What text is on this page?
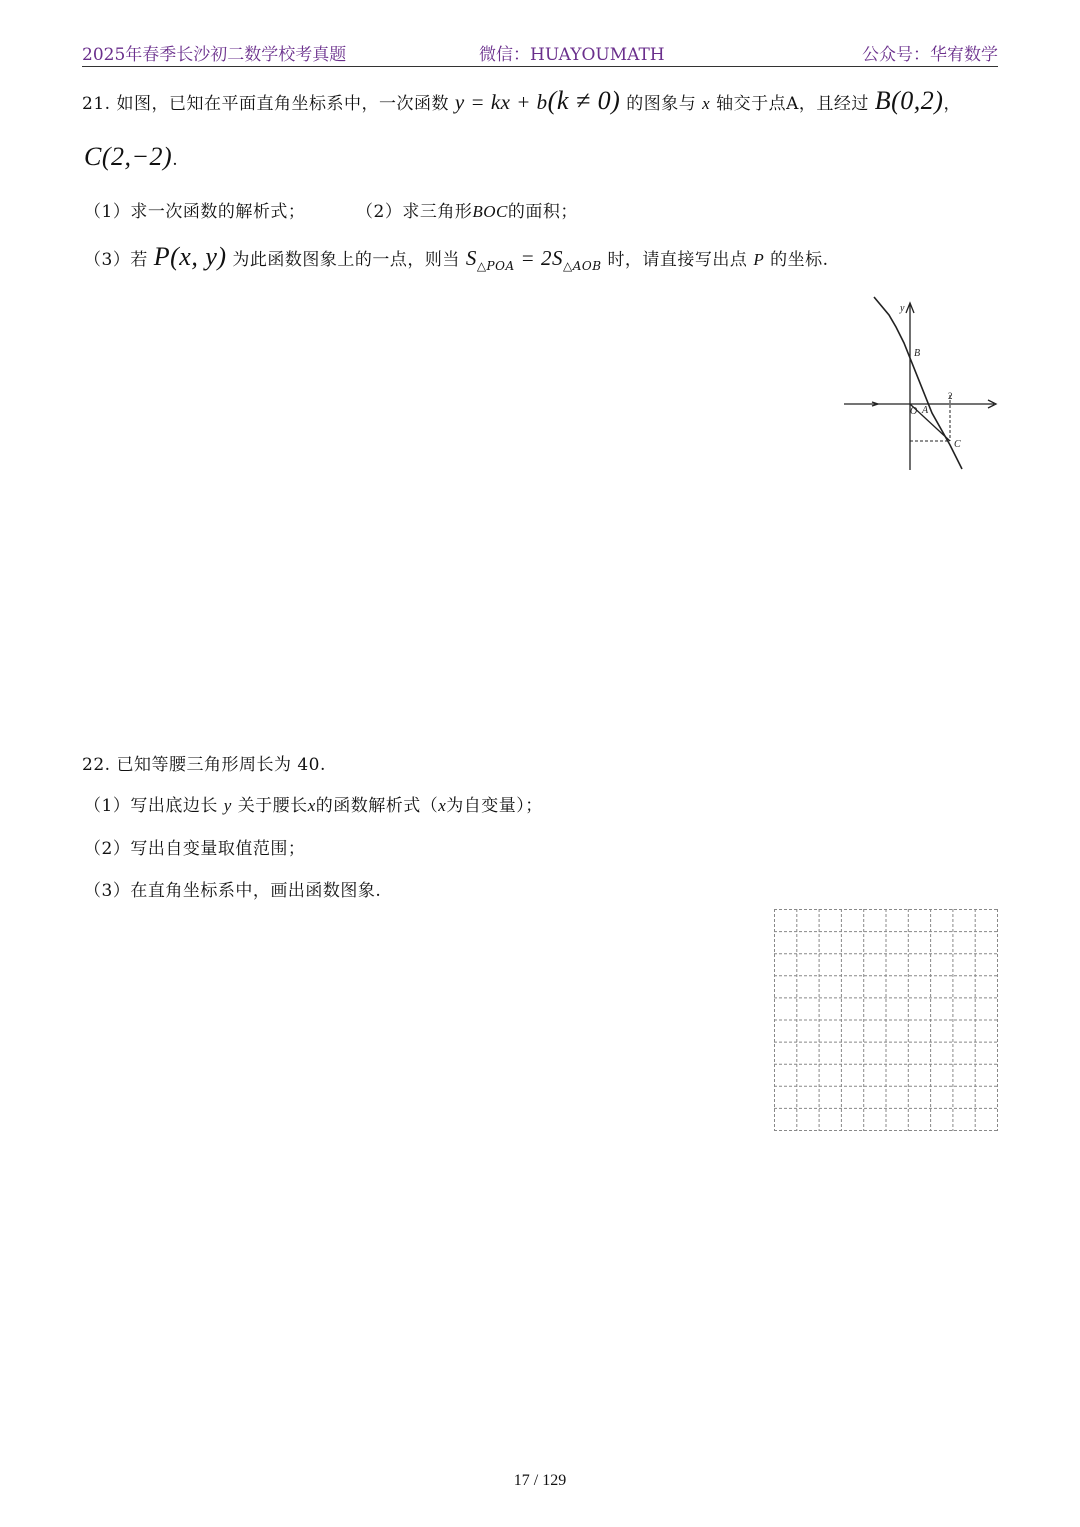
2025年春季长沙初二数学校考真题	微信：HUAYOUMATH	公众号：华宥数学
21. 如图，已知在平面直角坐标系中，一次函数 y = kx + b(k ≠ 0) 的图象与 x 轴交于点A，且经过 B(0,2)，
C(2,−2).
（1）求一次函数的解析式；	（2）求三角形BOC的面积；
（3）若 P(x, y) 为此函数图象上的一点，则当 $S_{\triangle POA} = 2S_{\triangle AOB}$ 时，请直接写出点 P 的坐标.
y
B
2
O A
C
22. 已知等腰三角形周长为 40.
（1）写出底边长 y 关于腰长x的函数解析式（x为自变量）；
（2）写出自变量取值范围；
（3）在直角坐标系中，画出函数图象.
17 / 129
